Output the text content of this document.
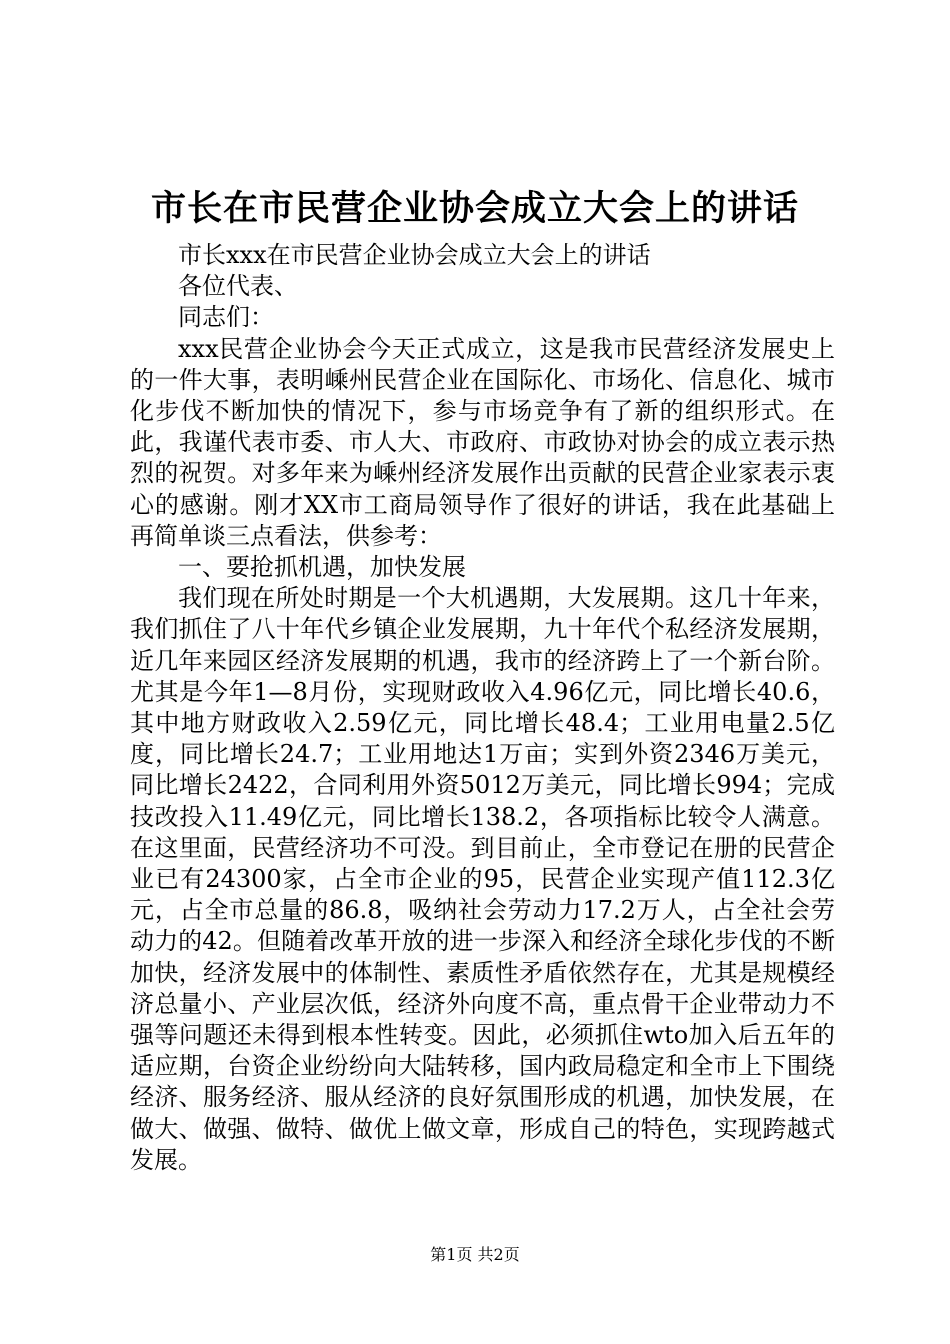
市长在市民营企业协会成立大会上的讲话

市长xxx在市民营企业协会成立大会上的讲话

各位代表、

同志们：

xxx民营企业协会今天正式成立，这是我市民营经济发展史上的一件大事，表明嵊州民营企业在国际化、市场化、信息化、城市化步伐不断加快的情况下，参与市场竞争有了新的组织形式。在此，我谨代表市委、市人大、市政府、市政协对协会的成立表示热烈的祝贺。对多年来为嵊州经济发展作出贡献的民营企业家表示衷心的感谢。刚才XX市工商局领导作了很好的讲话，我在此基础上再简单谈三点看法，供参考：

一、要抢抓机遇，加快发展

我们现在所处时期是一个大机遇期，大发展期。这几十年来，我们抓住了八十年代乡镇企业发展期，九十年代个私经济发展期，近几年来园区经济发展期的机遇，我市的经济跨上了一个新台阶。尤其是今年1—8月份，实现财政收入4.96亿元，同比增长40.6，其中地方财政收入2.59亿元，同比增长48.4；工业用电量2.5亿度，同比增长24.7；工业用地达1万亩；实到外资2346万美元，同比增长2422，合同利用外资5012万美元，同比增长994；完成技改投入11.49亿元，同比增长138.2，各项指标比较令人满意。在这里面，民营经济功不可没。到目前止，全市登记在册的民营企业已有24300家，占全市企业的95，民营企业实现产值112.3亿元，占全市总量的86.8，吸纳社会劳动力17.2万人，占全社会劳动力的42。但随着改革开放的进一步深入和经济全球化步伐的不断加快，经济发展中的体制性、素质性矛盾依然存在，尤其是规模经济总量小、产业层次低，经济外向度不高，重点骨干企业带动力不强等问题还未得到根本性转变。因此，必须抓住wto加入后五年的适应期，台资企业纷纷向大陆转移，国内政局稳定和全市上下围绕经济、服务经济、服从经济的良好氛围形成的机遇，加快发展，在做大、做强、做特、做优上做文章，形成自己的特色，实现跨越式发展。

第1页 共2页
